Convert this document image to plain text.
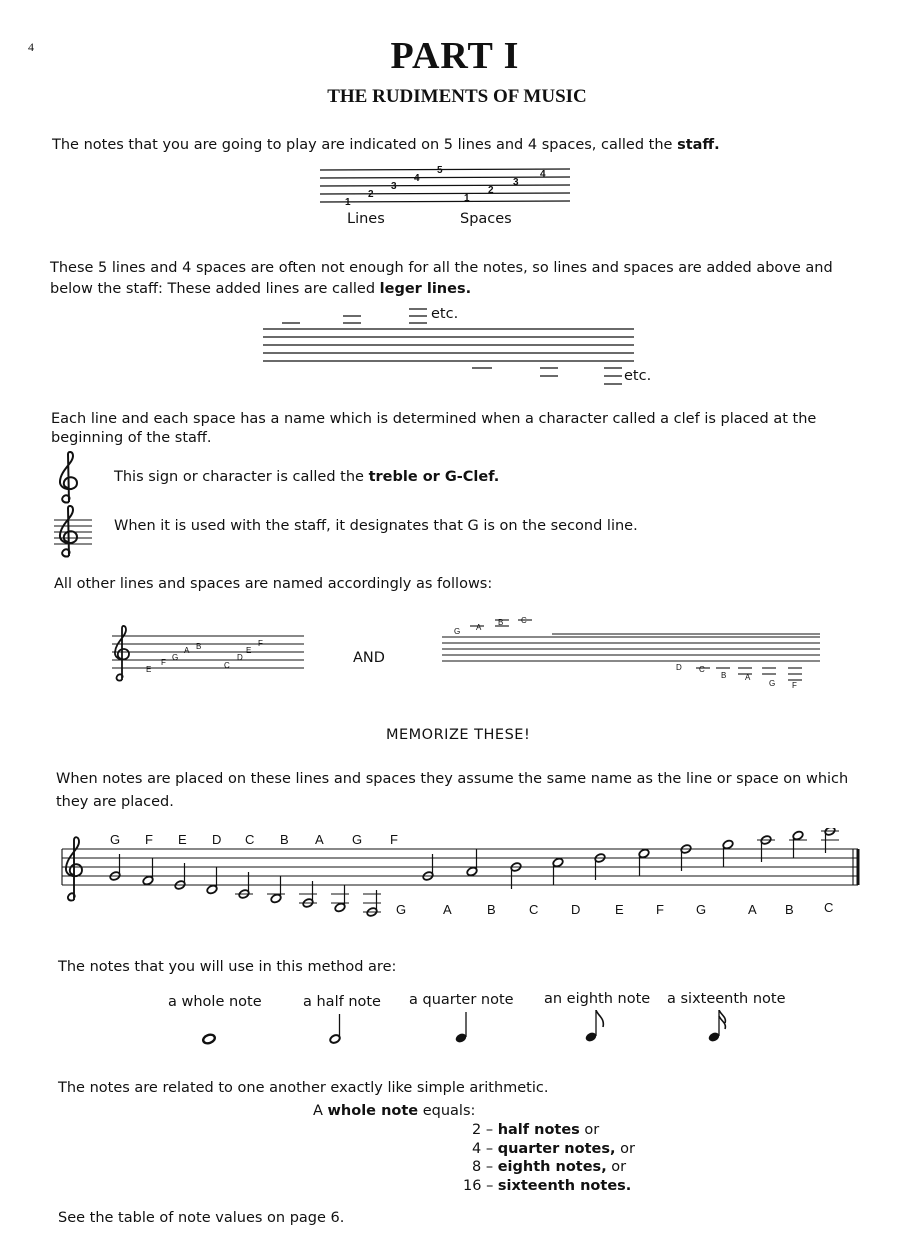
4	PART I
THE RUDIMENTS OF MUSIC
The notes that you are going to play are indicated on 5 lines and 4 spaces, called the staff.
1
2
3
4
5
1
2
3
4
Lines	Spaces
These 5 lines and 4 spaces are often not enough for all the notes, so lines and spaces are added above and
below the staff: These added lines are called leger lines.
etc.
etc.
Each line and each space has a name which is determined when a character called a clef is placed at the
beginning of the staff.
This sign or character is called the treble or G-Clef.
When it is used with the staff, it designates that G is on the second line.
All other lines and spaces are named accordingly as follows:
E
F
G
A B
C
D
E
F
AND
G A
B C
D C
B A
G F
MEMORIZE THESE!
When notes are placed on these lines and spaces they assume the same name as the line or space on which
they are placed.
G F E D C B A G F
G	A	B	C	D	E F G	A B C
The notes that you will use in this method are:
a whole note	a half note a quarter note an eighth note a sixteenth note
The notes are related to one another exactly like simple arithmetic.
A whole note equals:
2 – half notes or
4 – quarter notes, or
8 – eighth notes, or
16 – sixteenth notes.
See the table of note values on page 6.
